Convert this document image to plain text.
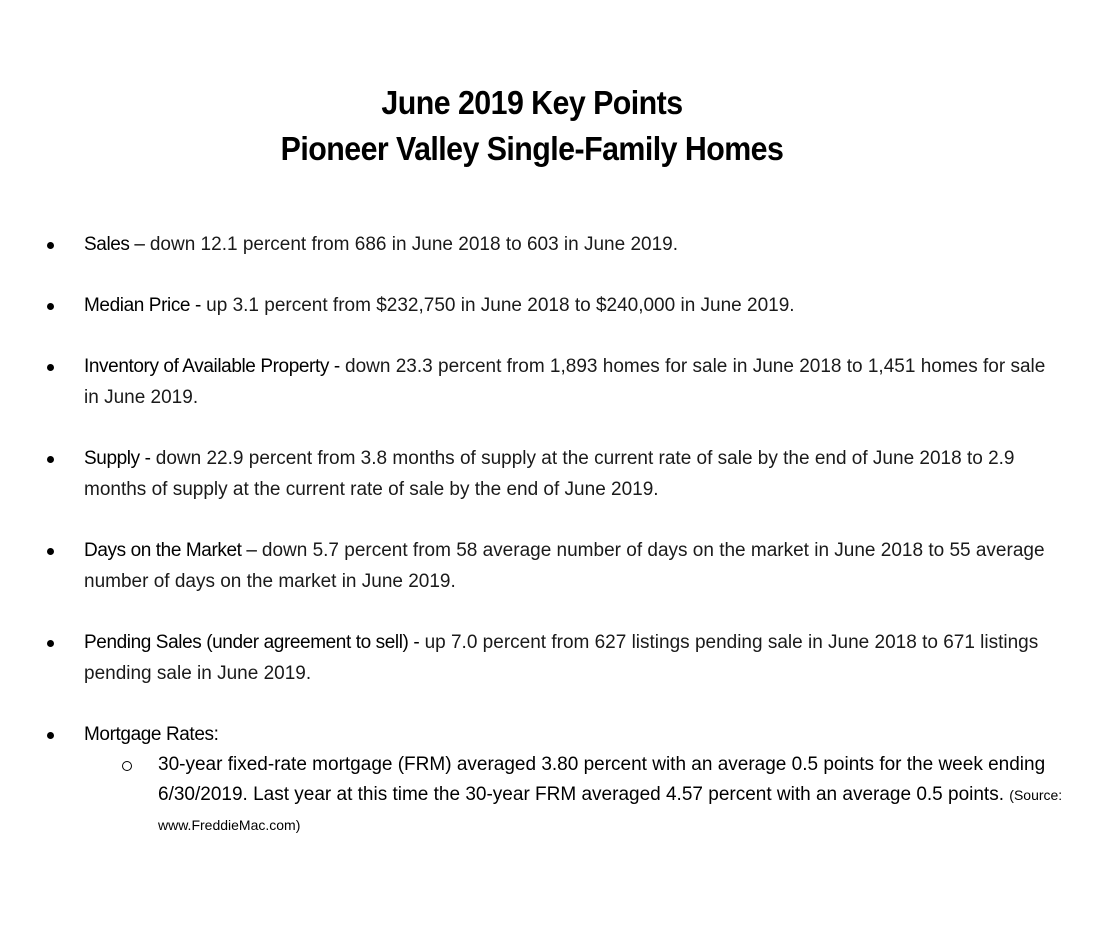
June 2019 Key Points
Pioneer Valley Single-Family Homes
Sales – down 12.1 percent from 686 in June 2018 to 603 in June 2019.
Median Price - up 3.1 percent from $232,750 in June 2018 to $240,000 in June 2019.
Inventory of Available Property - down 23.3 percent from 1,893 homes for sale in June 2018 to 1,451 homes for sale in June 2019.
Supply - down 22.9 percent from 3.8 months of supply at the current rate of sale by the end of June 2018 to 2.9 months of supply at the current rate of sale by the end of June 2019.
Days on the Market – down 5.7 percent from 58 average number of days on the market in June 2018 to 55 average number of days on the market in June 2019.
Pending Sales (under agreement to sell) - up 7.0 percent from 627 listings pending sale in June 2018 to 671 listings pending sale in June 2019.
Mortgage Rates:
30-year fixed-rate mortgage (FRM) averaged 3.80 percent with an average 0.5 points for the week ending 6/30/2019. Last year at this time the 30-year FRM averaged 4.57 percent with an average 0.5 points. (Source: www.FreddieMac.com)
